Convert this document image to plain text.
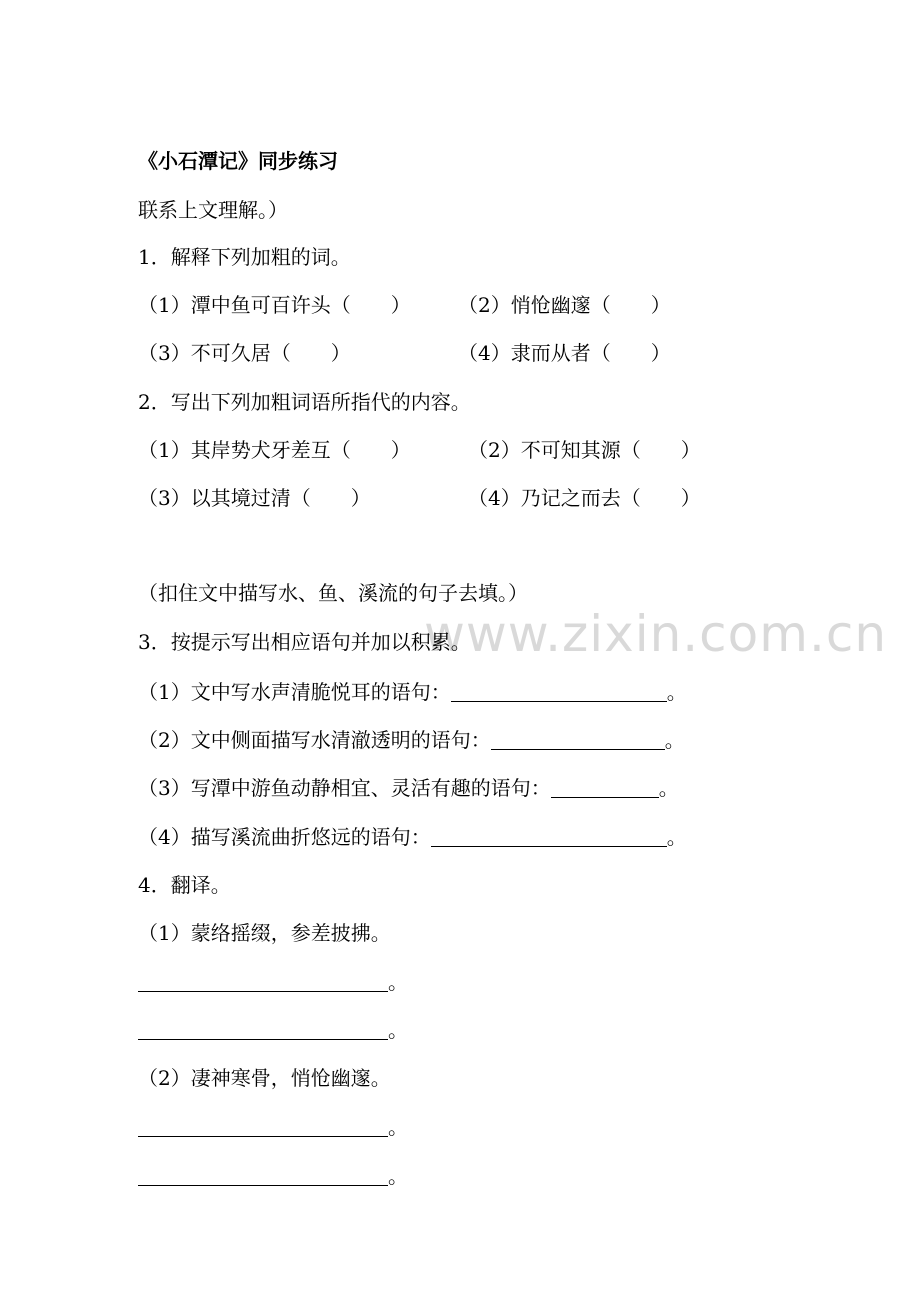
www.zixin.com.cn
《小石潭记》同步练习
联系上文理解。）
1．解释下列加粗的词。
（1）潭中鱼可百许头（　　） （2）悄怆幽邃（　　）
（3）不可久居（　　）	（4）隶而从者（　　）
2．写出下列加粗词语所指代的内容。
（1）其岸势犬牙差互（　　）	（2）不可知其源（　　）
（3）以其境过清（　　）	（4）乃记之而去（　　）
（扣住文中描写水、鱼、溪流的句子去填。）
3．按提示写出相应语句并加以积累。
（1）文中写水声清脆悦耳的语句：	。
（2）文中侧面描写水清澈透明的语句：	。
（3）写潭中游鱼动静相宜、灵活有趣的语句：	。
（4）描写溪流曲折悠远的语句：	。
4．翻译。
（1）蒙络摇缀，参差披拂。
。
。
（2）凄神寒骨，悄怆幽邃。
。
。
